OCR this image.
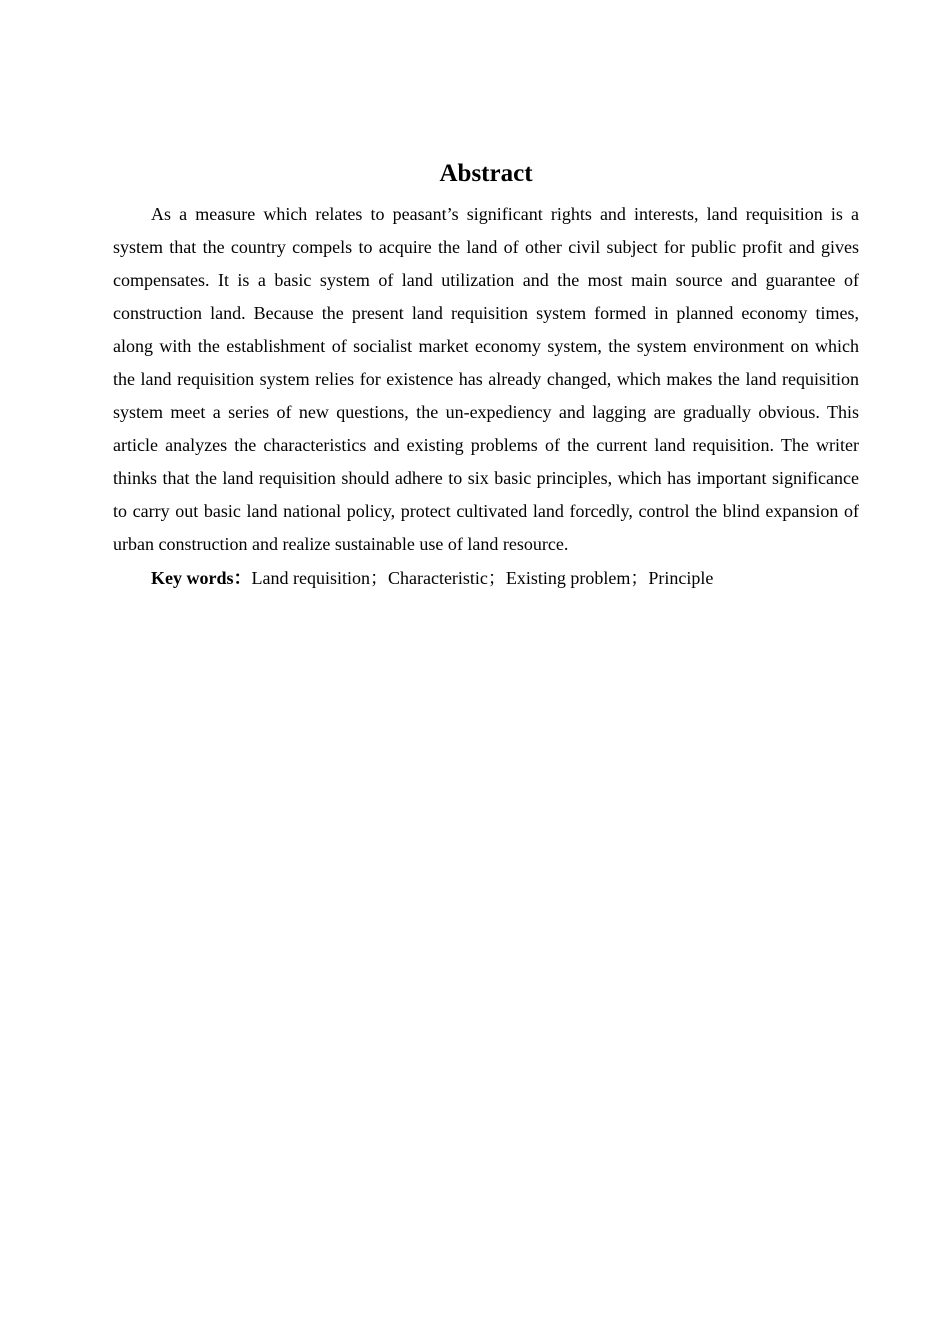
Abstract

As a measure which relates to peasant’s significant rights and interests, land requisition is a system that the country compels to acquire the land of other civil subject for public profit and gives compensates. It is a basic system of land utilization and the most main source and guarantee of construction land. Because the present land requisition system formed in planned economy times, along with the establishment of socialist market economy system, the system environment on which the land requisition system relies for existence has already changed, which makes the land requisition system meet a series of new questions, the un-expediency and lagging are gradually obvious. This article analyzes the characteristics and existing problems of the current land requisition. The writer thinks that the land requisition should adhere to six basic principles, which has important significance to carry out basic land national policy, protect cultivated land forcedly, control the blind expansion of urban construction and realize sustainable use of land resource.

Key words：Land requisition；Characteristic；Existing problem；Principle
